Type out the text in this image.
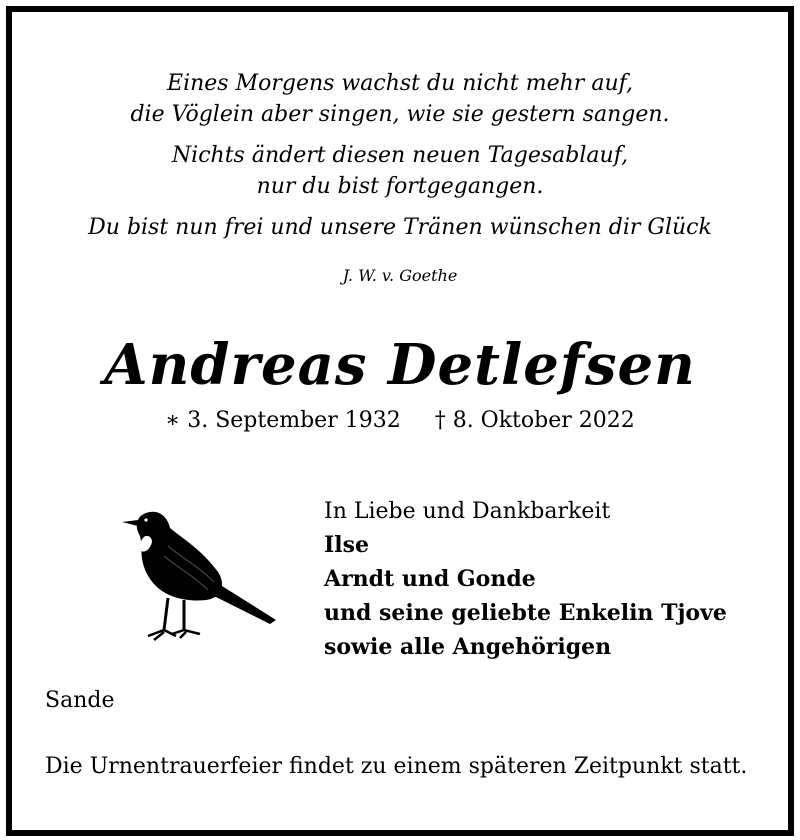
Eines Morgens wachst du nicht mehr auf,
die Vöglein aber singen, wie sie gestern sangen.
Nichts ändert diesen neuen Tagesablauf,
nur du bist fortgegangen.
Du bist nun frei und unsere Tränen wünschen dir Glück
J. W. v. Goethe
Andreas Detlefsen
∗ 3. September 1932 † 8. Oktober 2022
In Liebe und Dankbarkeit
Ilse
Arndt und Gonde
und seine geliebte Enkelin Tjove
sowie alle Angehörigen
Sande
Die Urnentrauerfeier findet zu einem späteren Zeitpunkt statt.
